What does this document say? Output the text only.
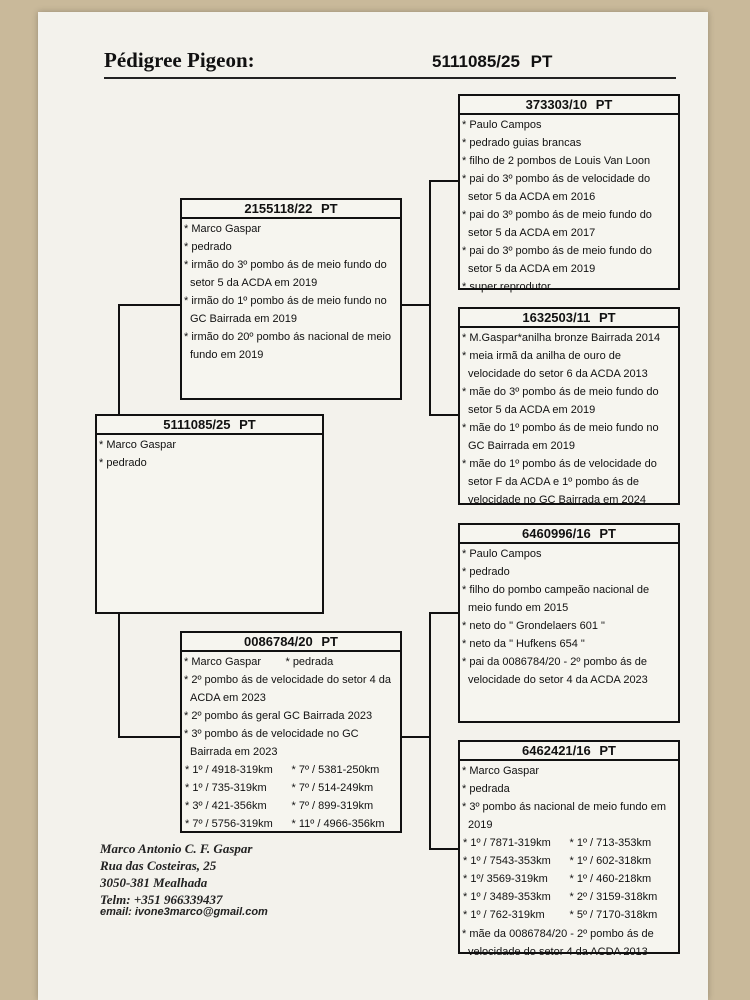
Pédigree Pigeon:	5111085/25 PT
5111085/25 PT
* Marco Gaspar
* pedrado
2155118/22 PT
* Marco Gaspar
* pedrado
* irmão do 3º pombo ás de meio fundo do setor 5 da ACDA em 2019
* irmão do 1º pombo ás de meio fundo no GC Bairrada em 2019
* irmão do 20º pombo ás nacional de meio fundo em 2019
0086784/20 PT
* Marco Gaspar        * pedrada
* 2º pombo ás de velocidade do setor 4 da ACDA em 2023
* 2º pombo ás geral GC Bairrada 2023
* 3º pombo ás de velocidade no GC Bairrada em 2023
* 1º / 4918-319km	* 7º / 5381-250km
* 1º / 735-319km	* 7º / 514-249km
* 3º / 421-356km	* 7º / 899-319km
* 7º / 5756-319km	* 11º / 4966-356km
373303/10 PT
* Paulo Campos
* pedrado guias brancas
* filho de 2 pombos de Louis Van Loon
* pai do 3º pombo ás de velocidade do setor 5 da ACDA em 2016
* pai do 3º pombo ás de meio fundo do setor 5 da ACDA em 2017
* pai do 3º pombo ás de meio fundo do setor 5 da ACDA em 2019
* super reprodutor
1632503/11 PT
* M.Gaspar*anilha bronze Bairrada 2014
* meia irmã da anilha de ouro de velocidade do setor 6 da ACDA 2013
* mãe do 3º pombo ás de meio fundo do setor 5 da ACDA em 2019
* mãe do 1º pombo ás de meio fundo no GC Bairrada em 2019
* mãe do 1º pombo ás de velocidade do setor F da ACDA e 1º pombo ás de velocidade no GC Bairrada em 2024
6460996/16 PT
* Paulo Campos
* pedrado
* filho do pombo campeão nacional de meio fundo em 2015
* neto do " Grondelaers 601 "
* neto da " Hufkens 654 "
* pai da 0086784/20 - 2º pombo ás de velocidade do setor 4 da ACDA 2023
6462421/16 PT
* Marco Gaspar
* pedrada
* 3º pombo ás nacional de meio fundo em 2019
* 1º / 7871-319km	* 1º / 713-353km
* 1º / 7543-353km	* 1º / 602-318km
* 1º/ 3569-319km	* 1º / 460-218km
* 1º / 3489-353km	* 2º / 3159-318km
* 1º / 762-319km	* 5º / 7170-318km
* mãe da 0086784/20 - 2º pombo ás de velocidade do setor 4 da ACDA 2013
Marco Antonio C. F. Gaspar
Rua das Costeiras, 25
3050-381 Mealhada
Telm: +351 966339437
email: ivone3marco@gmail.com
